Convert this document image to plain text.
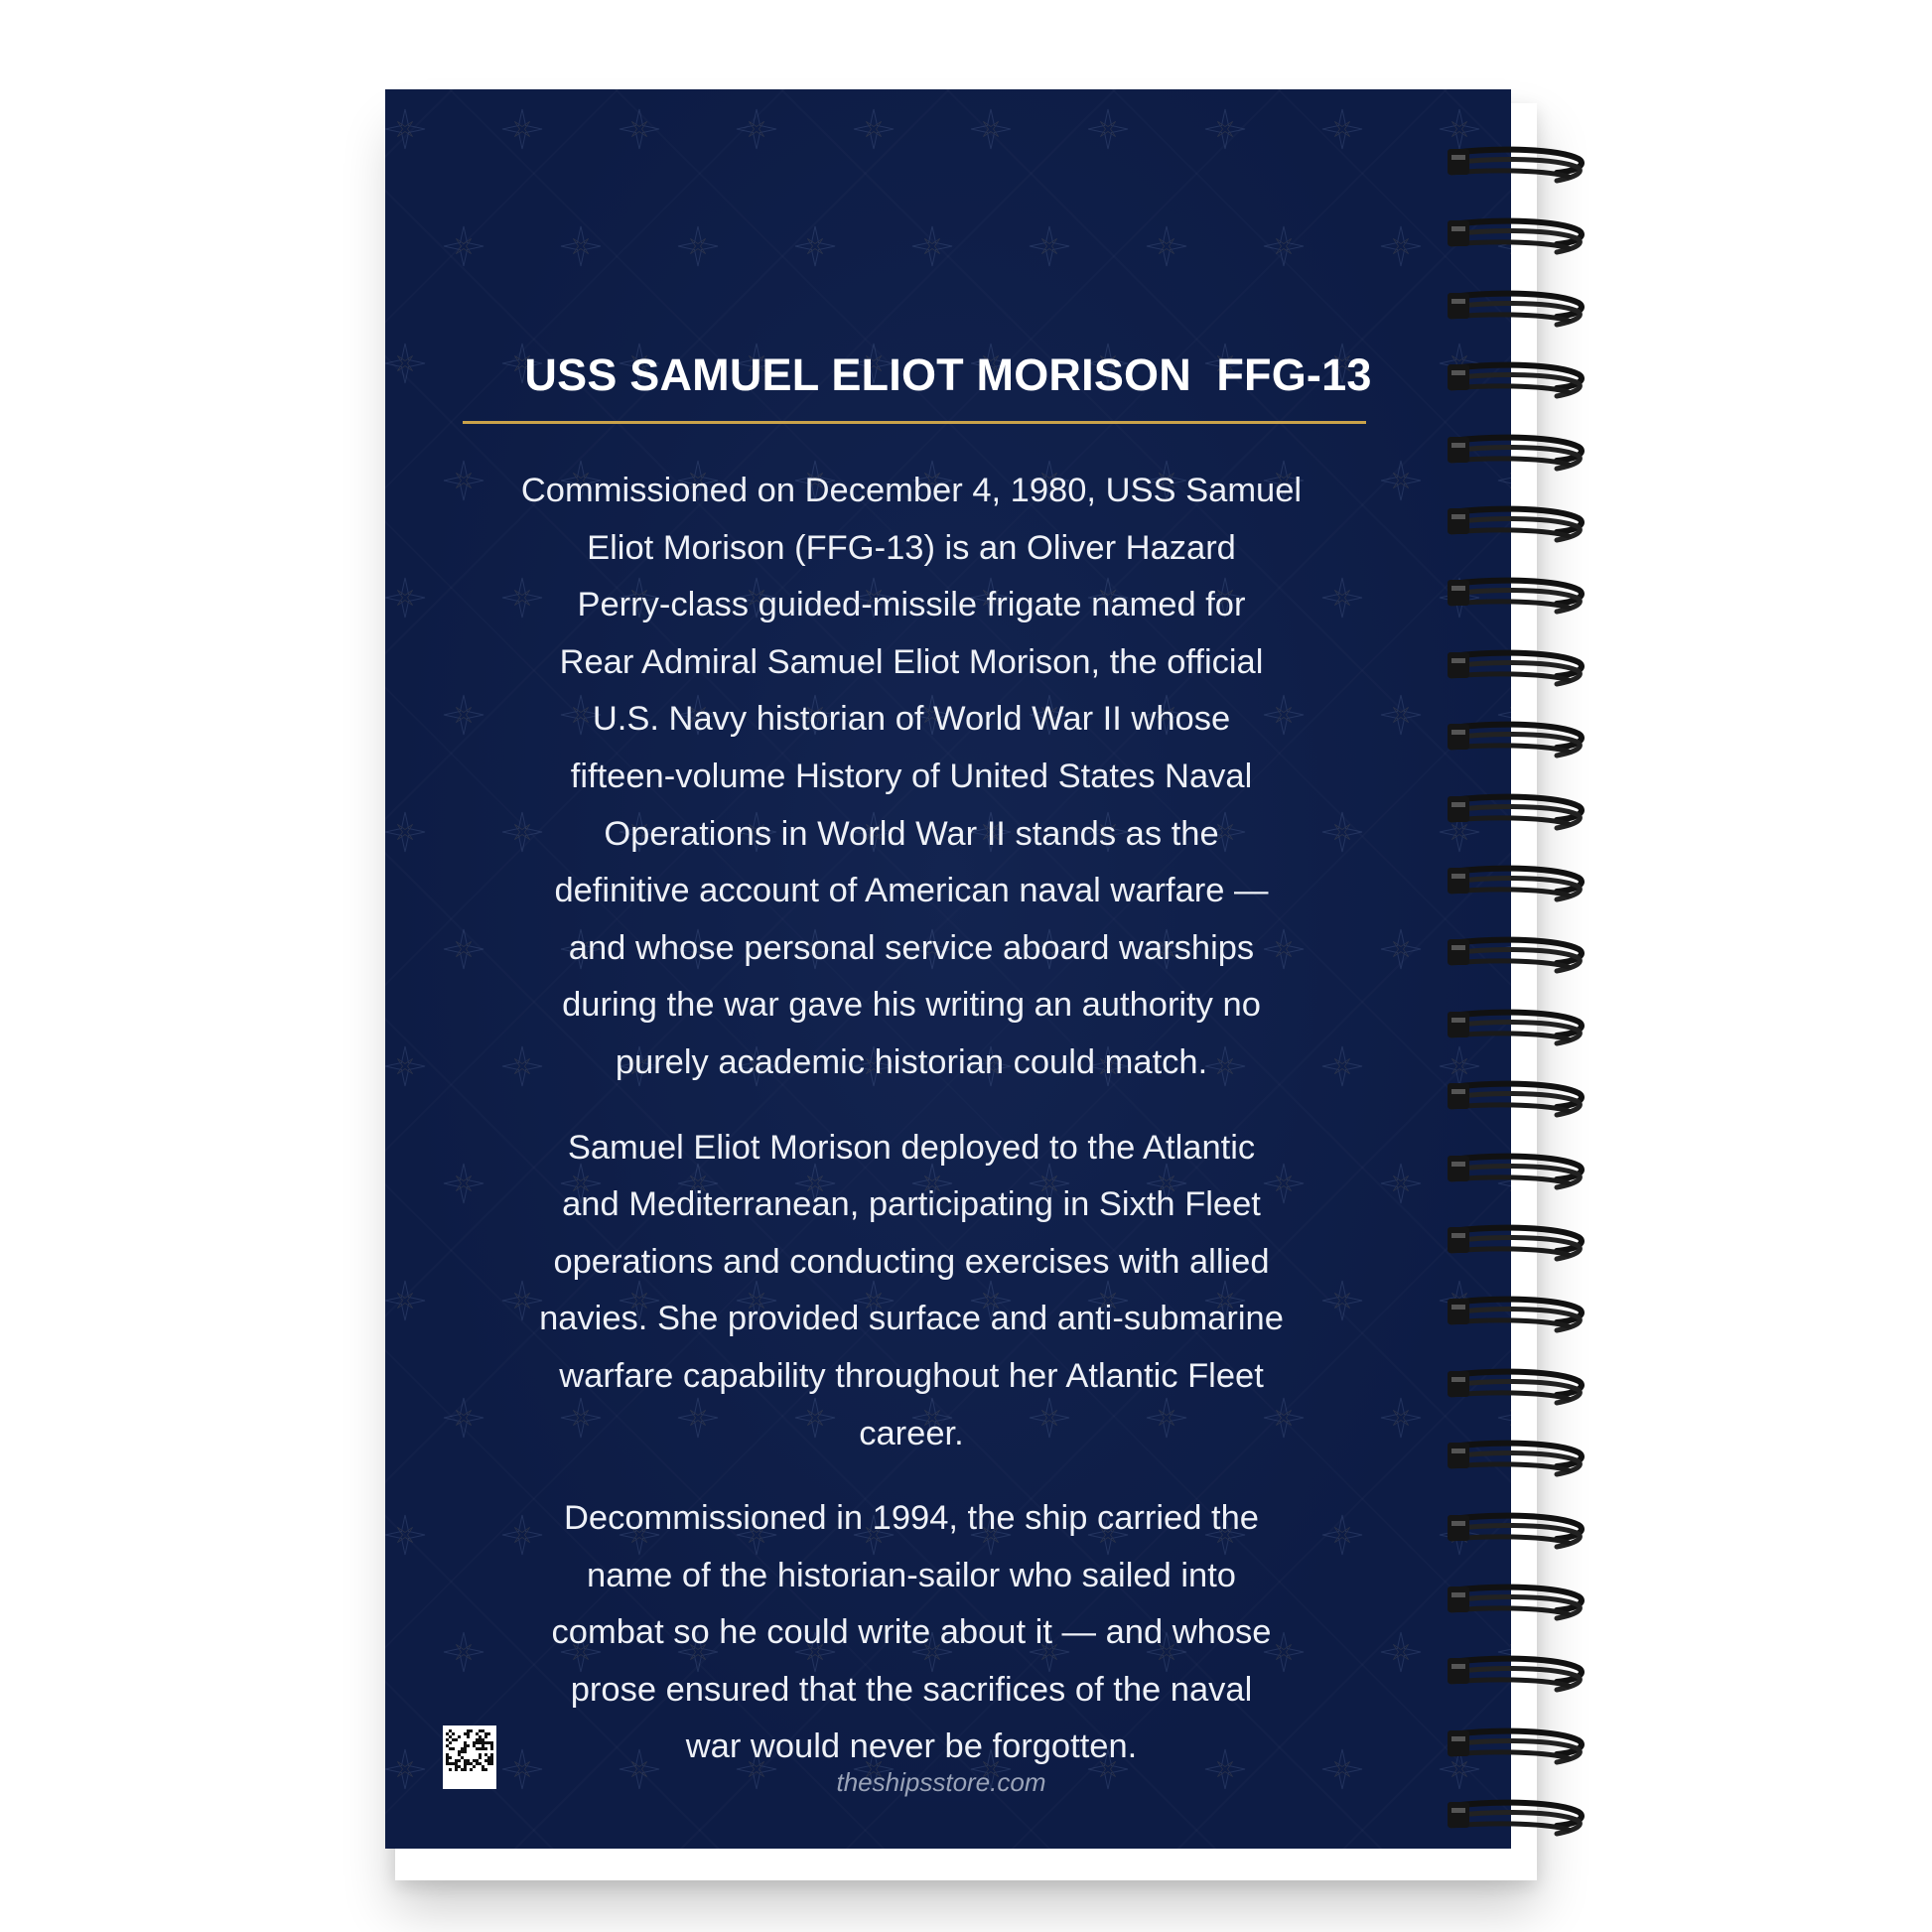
USS SAMUEL ELIOT MORISON  FFG-13

Commissioned on December 4, 1980, USS Samuel
Eliot Morison (FFG-13) is an Oliver Hazard
Perry-class guided-missile frigate named for
Rear Admiral Samuel Eliot Morison, the official
U.S. Navy historian of World War II whose
fifteen-volume History of United States Naval
Operations in World War II stands as the
definitive account of American naval warfare —
and whose personal service aboard warships
during the war gave his writing an authority no
purely academic historian could match.

Samuel Eliot Morison deployed to the Atlantic
and Mediterranean, participating in Sixth Fleet
operations and conducting exercises with allied
navies. She provided surface and anti-submarine
warfare capability throughout her Atlantic Fleet
career.

Decommissioned in 1994, the ship carried the
name of the historian-sailor who sailed into
combat so he could write about it — and whose
prose ensured that the sacrifices of the naval
war would never be forgotten.

theshipsstore.com
